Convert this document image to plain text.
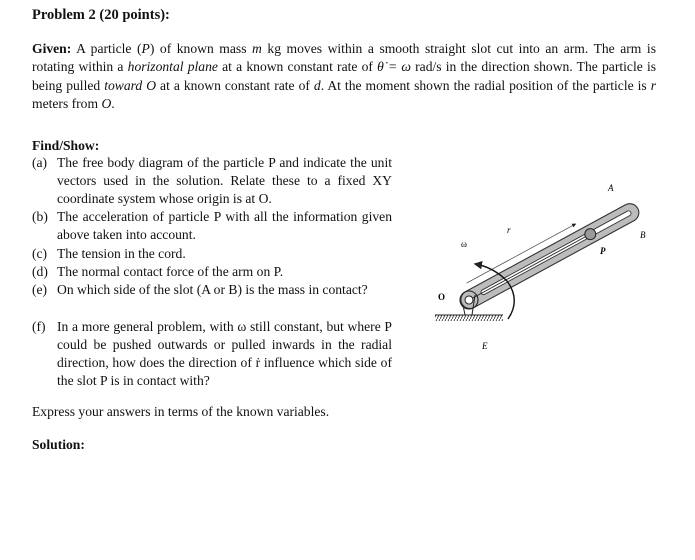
Problem 2 (20 points):

Given: A particle (P) of known mass m kg moves within a smooth straight slot cut into an arm. The arm is rotating within a horizontal plane at a known constant rate of θ̇ = ω rad/s in the direction shown. The particle is being pulled toward O at a known constant rate of d. At the moment shown the radial position of the particle is r meters from O.

Find/Show:
(a) The free body diagram of the particle P and indicate the unit vectors used in the solution. Relate these to a fixed XY coordinate system whose origin is at O.
(b) The acceleration of particle P with all the information given above taken into account.
(c) The tension in the cord.
(d) The normal contact force of the arm on P.
(e) On which side of the slot (A or B) is the mass in contact?
(f) In a more general problem, with ω still constant, but where P could be pushed outwards or pulled inwards in the radial direction, how does the direction of ṙ influence which side of the slot P is in contact with?
Express your answers in terms of the known variables.
Solution:
ω
r
A
B
P
O
E
